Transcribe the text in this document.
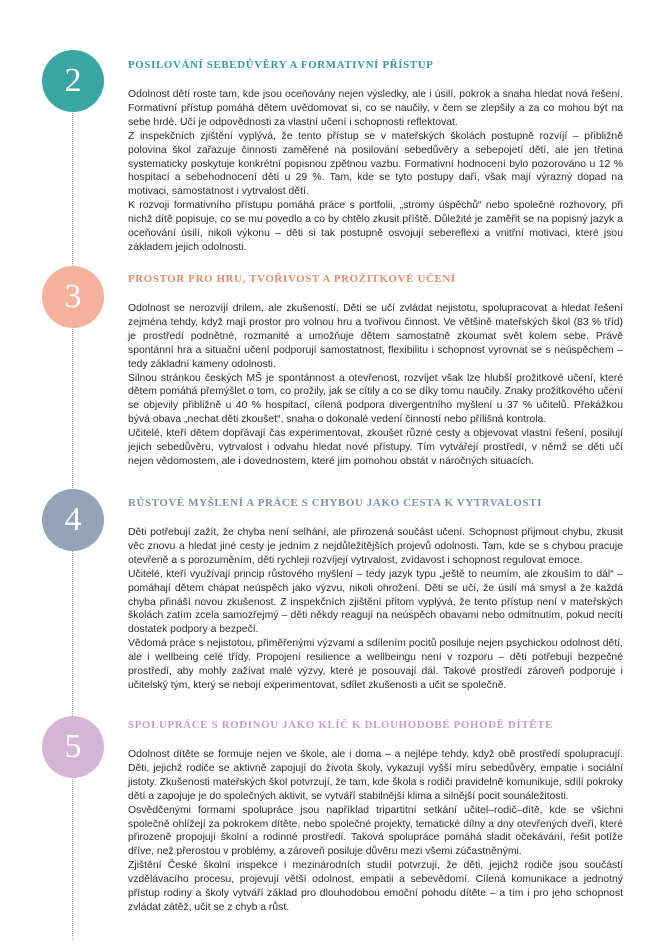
2	POSILOVÁNÍ SEBEDŮVĚRY A FORMATIVNÍ PŘÍSTUP

Odolnost dětí roste tam, kde jsou oceňovány nejen výsledky, ale i úsilí, pokrok a snaha hledat nová řešení. Formativní přístup pomáhá dětem uvědomovat si, co se naučily, v čem se zlepšily a za co mohou být na sebe hrdé. Učí je odpovědnosti za vlastní učení i schopnosti reflektovat.

Z inspekčních zjištění vyplývá, že tento přístup se v mateřských školách postupně rozvíjí – přibližně polovina škol zařazuje činnosti zaměřené na posilování sebedůvěry a sebepojetí dětí, ale jen třetina systematicky poskytuje konkrétní popisnou zpětnou vazbu. Formativní hodnocení bylo pozorováno u 12 % hospitací a sebehodnocení dětí u 29 %. Tam, kde se tyto postupy daří, však mají výrazný dopad na motivaci, samostatnost i vytrvalost dětí.

K rozvoji formativního přístupu pomáhá práce s portfolii, „stromy úspěchů“ nebo společné rozhovory, při nichž dítě popisuje, co se mu povedlo a co by chtělo zkusit příště. Důležité je zaměřit se na popisný jazyk a oceňování úsilí, nikoli výkonu – děti si tak postupně osvojují sebereflexi a vnitřní motivaci, které jsou základem jejich odolnosti.

3	PROSTOR PRO HRU, TVOŘIVOST A PROŽITKOVÉ UČENÍ

Odolnost se nerozvíjí drilem, ale zkušeností. Děti se učí zvládat nejistotu, spolupracovat a hledat řešení zejména tehdy, když mají prostor pro volnou hru a tvořivou činnost. Ve většině mateřských škol (83 % tříd) je prostředí podnětné, rozmanité a umožňuje dětem samostatně zkoumat svět kolem sebe. Právě spontánní hra a situační učení podporují samostatnost, flexibilitu i schopnost vyrovnat se s neúspěchem – tedy základní kameny odolnosti.

Silnou stránkou českých MŠ je spontánnost a otevřenost, rozvíjet však lze hlubší prožitkové učení, které dětem pomáhá přemýšlet o tom, co prožily, jak se cítily a co se díky tomu naučily. Znaky prožitkového učení se objevily přibližně u 40 % hospitací, cílená podpora divergentního myšlení u 37 % učitelů. Překážkou bývá obava „nechat děti zkoušet“, snaha o dokonalé vedení činností nebo přílišná kontrola.

Učitelé, kteří dětem dopřávají čas experimentovat, zkoušet různé cesty a objevovat vlastní řešení, posilují jejich sebedůvěru, vytrvalost i odvahu hledat nové přístupy. Tím vytvářejí prostředí, v němž se děti učí nejen vědomostem, ale i dovednostem, které jim pomohou obstát v náročných situacích.

4	RŮSTOVÉ MYŠLENÍ A PRÁCE S CHYBOU JAKO CESTA K VYTRVALOSTI

Děti potřebují zažít, že chyba není selhání, ale přirozená součást učení. Schopnost přijmout chybu, zkusit věc znovu a hledat jiné cesty je jedním z nejdůležitějších projevů odolnosti. Tam, kde se s chybou pracuje otevřeně a s porozuměním, děti rychleji rozvíjejí vytrvalost, zvídavost i schopnost regulovat emoce.

Učitelé, kteří využívají princip růstového myšlení – tedy jazyk typu „ještě to neumím, ale zkouším to dál“ – pomáhají dětem chápat neúspěch jako výzvu, nikoli ohrožení. Děti se učí, že úsilí má smysl a že každá chyba přináší novou zkušenost. Z inspekčních zjištění přitom vyplývá, že tento přístup není v mateřských školách zatím zcela samozřejmý – děti někdy reagují na neúspěch obavami nebo odmítnutím, pokud necítí dostatek podpory a bezpečí.

Vědomá práce s nejistotou, přiměřenými výzvami a sdílením pocitů posiluje nejen psychickou odolnost dětí, ale i wellbeing celé třídy. Propojení resilience a wellbeingu není v rozporu – děti potřebují bezpečné prostředí, aby mohly zažívat malé výzvy, které je posouvají dál. Takové prostředí zároveň podporuje i učitelský tým, který se nebojí experimentovat, sdílet zkušenosti a učit se společně.

5
SPOLUPRÁCE S RODINOU JAKO KLÍČ K DLOUHODOBÉ POHODĚ DÍTĚTE

Odolnost dítěte se formuje nejen ve škole, ale i doma – a nejlépe tehdy, když obě prostředí spolupracují. Děti, jejichž rodiče se aktivně zapojují do života školy, vykazují vyšší míru sebedůvěry, empatie i sociální jistoty. Zkušenosti mateřských škol potvrzují, že tam, kde škola s rodiči pravidelně komunikuje, sdílí pokroky dětí a zapojuje je do společných aktivit, se vytváří stabilnější klima a silnější pocit sounáležitosti.

Osvědčenými formami spolupráce jsou například tripartitní setkání učitel–rodič–dítě, kde se všichni společně ohlížejí za pokrokem dítěte, nebo společné projekty, tematické dílny a dny otevřených dveří, které přirozeně propojují školní a rodinné prostředí. Taková spolupráce pomáhá sladit očekávání, řešit potíže dříve, než přerostou v problémy, a zároveň posiluje důvěru mezi všemi zúčastněnými.

Zjištění České školní inspekce i mezinárodních studií potvrzují, že děti, jejichž rodiče jsou součástí vzdělávacího procesu, projevují větší odolnost, empatii a sebevědomí. Cílená komunikace a jednotný přístup rodiny a školy vytváří základ pro dlouhodobou emoční pohodu dítěte – a tím i pro jeho schopnost zvládat zátěž, učit se z chyb a růst.
